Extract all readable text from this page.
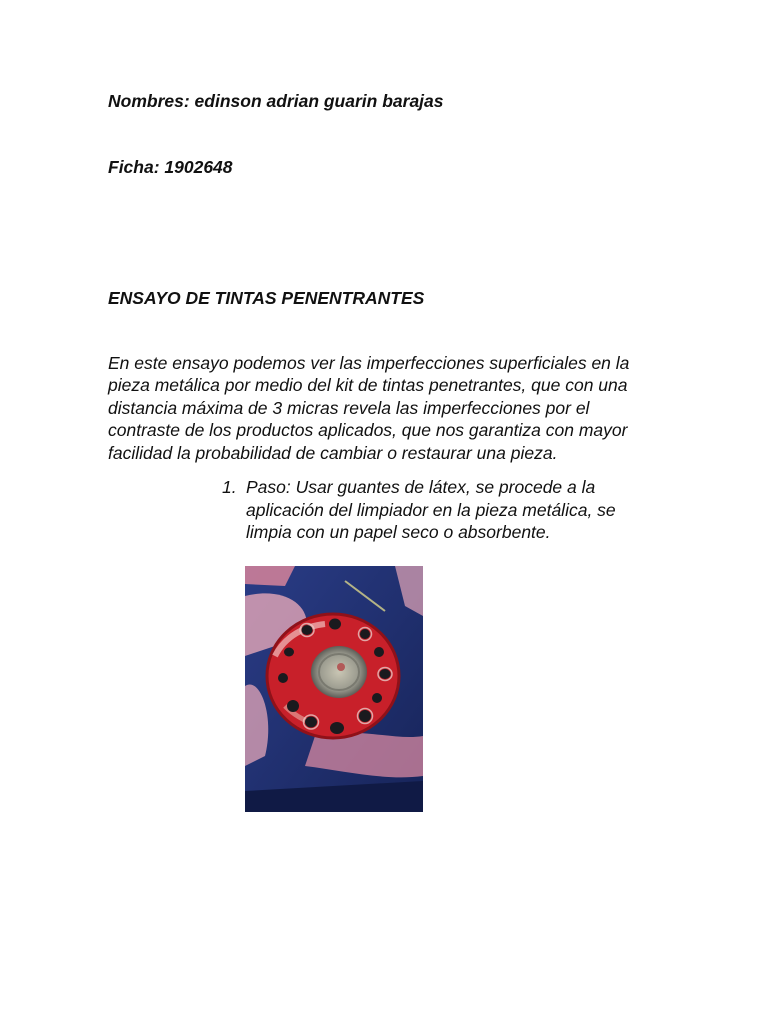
Nombres: edinson adrian guarin barajas
Ficha: 1902648
ENSAYO DE TINTAS PENENTRANTES
En este ensayo podemos ver las imperfecciones superficiales en la
pieza metálica por medio del kit de tintas penetrantes, que con una
distancia máxima de 3 micras revela las imperfecciones por el
contraste de los productos aplicados, que nos garantiza con mayor
facilidad la probabilidad de cambiar o restaurar una pieza.
1. Paso: Usar guantes de látex, se procede a la
aplicación del limpiador en la pieza metálica, se
limpia con un papel seco o absorbente.
